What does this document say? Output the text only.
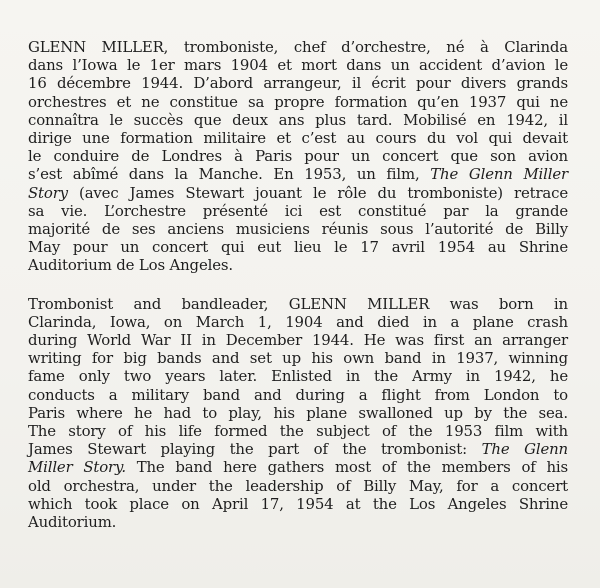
GLENN MILLER, tromboniste, chef d’orchestre, né à Clarinda
dans l’Iowa le 1er mars 1904 et mort dans un accident d’avion le
16 décembre 1944. D’abord arrangeur, il écrit pour divers grands
orchestres et ne constitue sa propre formation qu’en 1937 qui ne
connaîtra le succès que deux ans plus tard. Mobilisé en 1942, il
dirige une formation militaire et c’est au cours du vol qui devait
le conduire de Londres à Paris pour un concert que son avion
s’est abîmé dans la Manche. En 1953, un film, The Glenn Miller
Story (avec James Stewart jouant le rôle du tromboniste) retrace
sa vie. L’orchestre présenté ici est constitué par la grande
majorité de ses anciens musiciens réunis sous l’autorité de Billy
May pour un concert qui eut lieu le 17 avril 1954 au Shrine
Auditorium de Los Angeles.

Trombonist and bandleader, GLENN MILLER was born in
Clarinda, Iowa, on March 1, 1904 and died in a plane crash
during World War II in December 1944. He was first an arranger
writing for big bands and set up his own band in 1937, winning
fame only two years later. Enlisted in the Army in 1942, he
conducts a military band and during a flight from London to
Paris where he had to play, his plane swalloned up by the sea.
The story of his life formed the subject of the 1953 film with
James Stewart playing the part of the trombonist: The Glenn
Miller Story. The band here gathers most of the members of his
old orchestra, under the leadership of Billy May, for a concert
which took place on April 17, 1954 at the Los Angeles Shrine
Auditorium.
